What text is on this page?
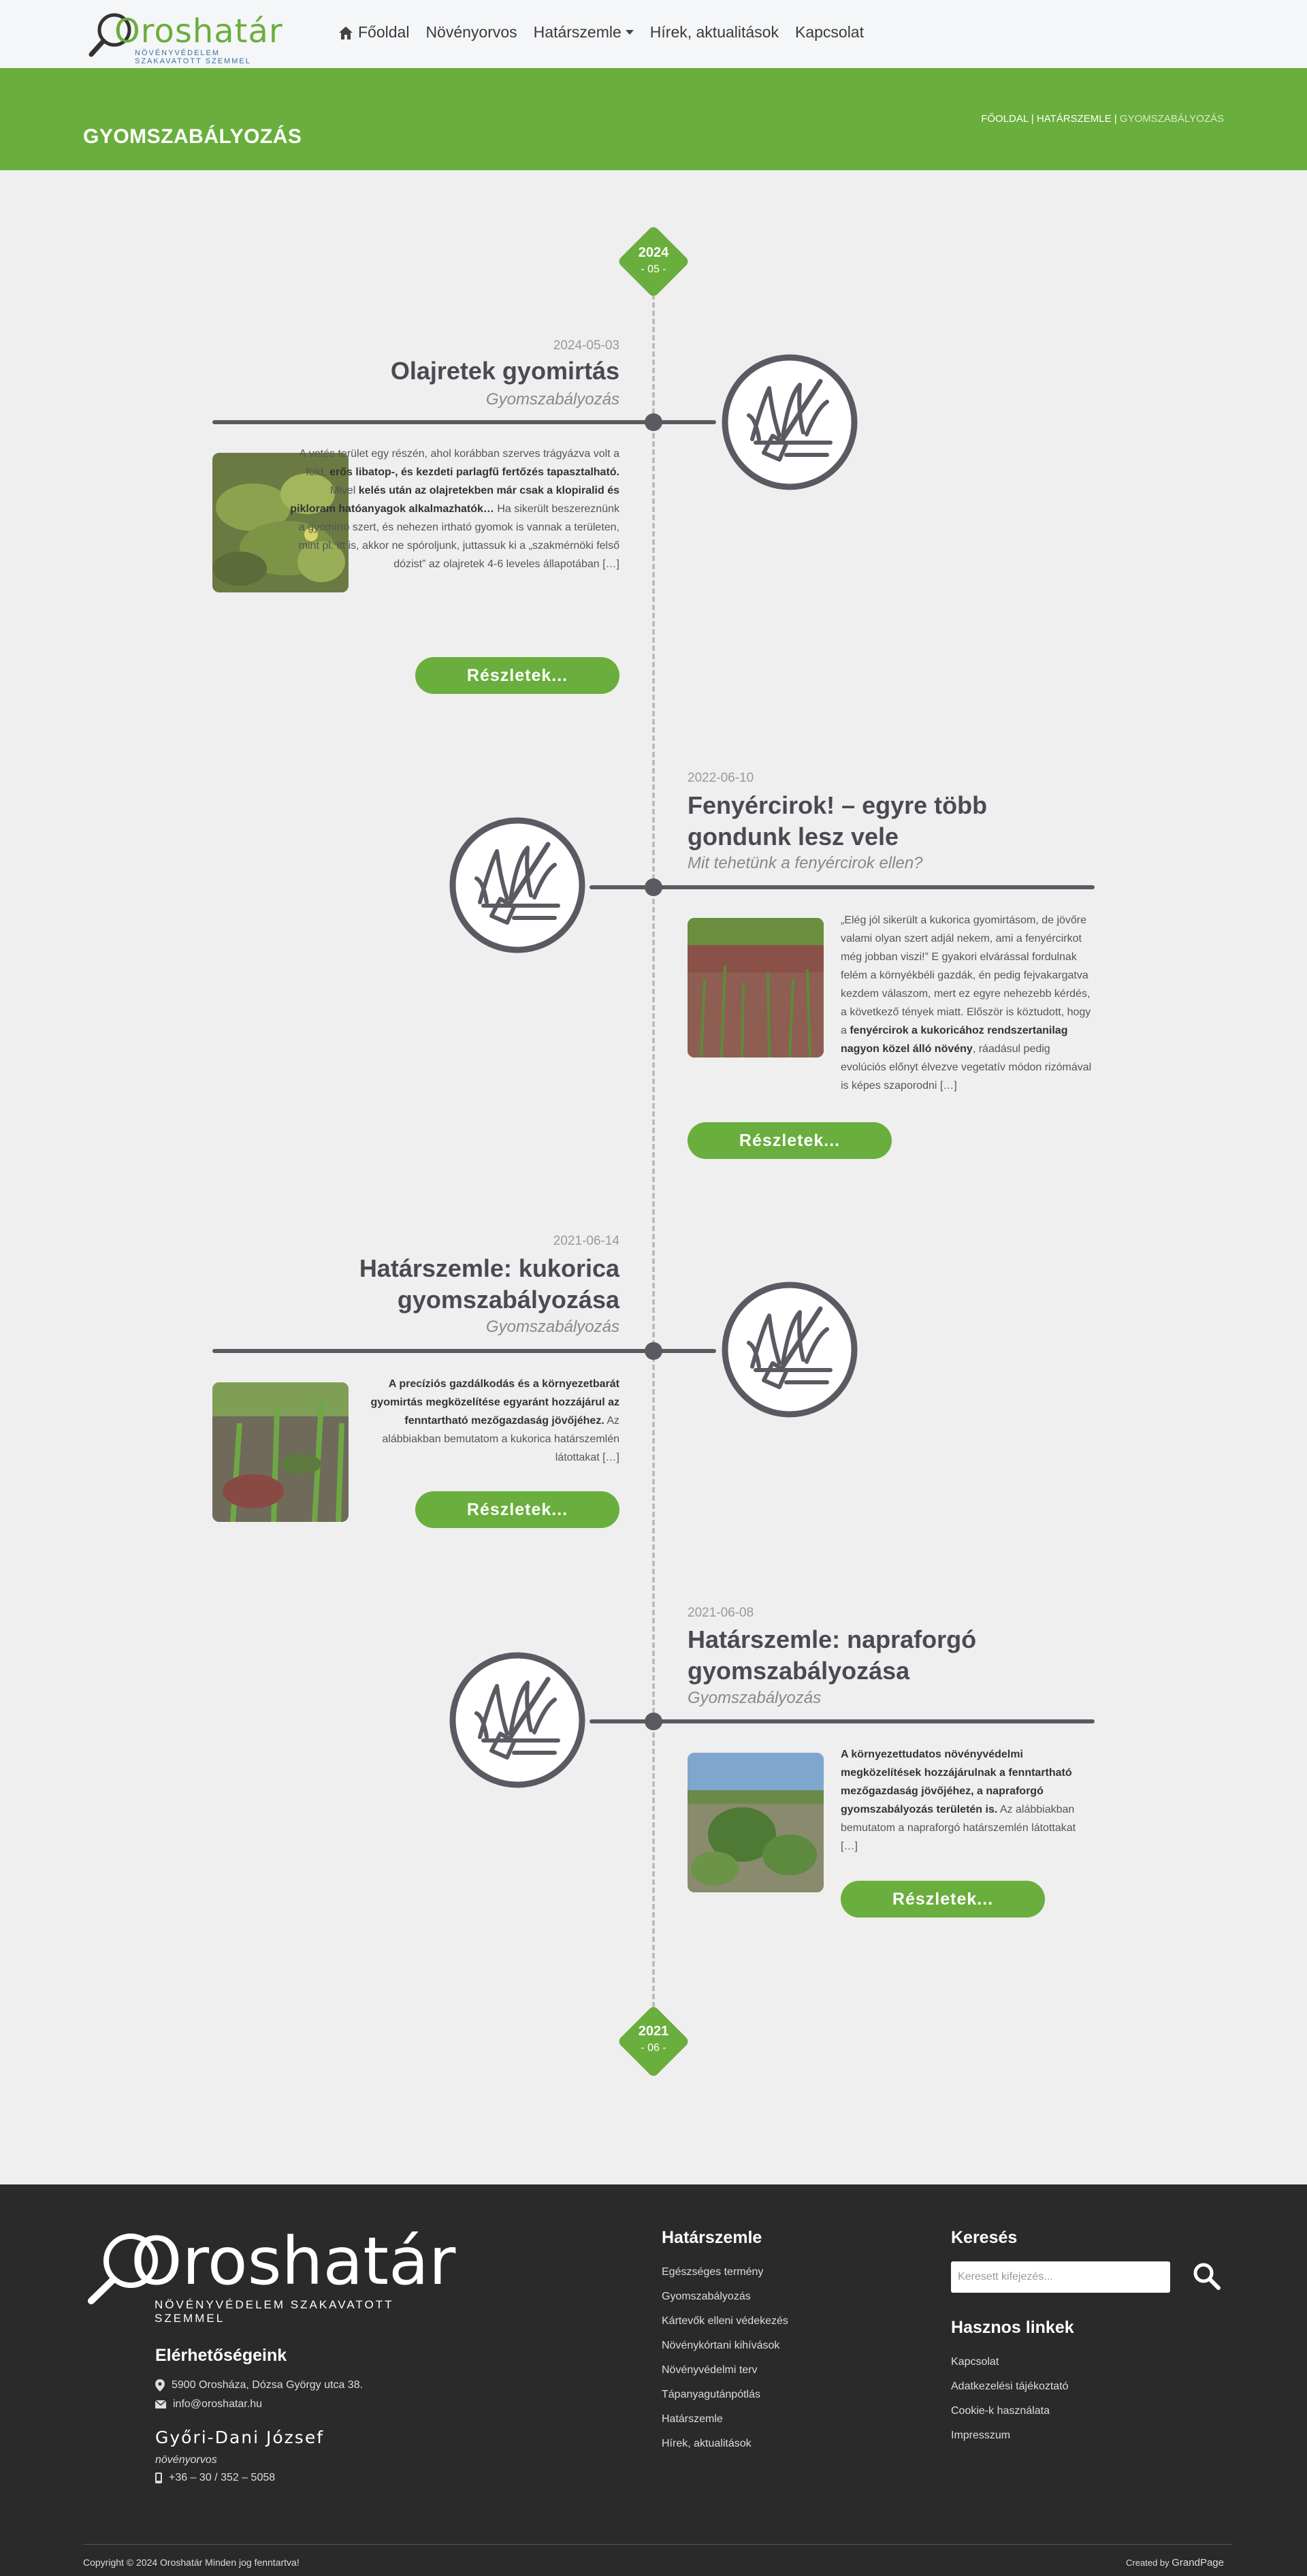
Oroshatár
NÖVÉNYVÉDELEM SZAKAVATOTT SZEMMEL
Főoldal Növényorvos Határszemle Hírek, aktualitások Kapcsolat
GYOMSZABÁLYOZÁS
FŐOLDAL | HATÁRSZEMLE | GYOMSZABÁLYOZÁS
2024
- 05 -
2024-05-03
Olajretek gyomirtás
Gyomszabályozás
A vetés terület egy részén, ahol korábban szerves trágyázva volt a föld, erős libatop-, és kezdeti parlagfű fertőzés tapasztalható. Mivel kelés után az olajretekben már csak a klopiralid és pikloram hatóanyagok alkalmazhatók… Ha sikerült beszereznünk a gyomirtó szert, és nehezen irtható gyomok is vannak a területen, mint pl. itt is, akkor ne spóroljunk, juttassuk ki a „szakmérnöki felső dózist” az olajretek 4-6 leveles állapotában […]
Részletek...
2022-06-10
Fenyércirok! – egyre több gondunk lesz vele
Mit tehetünk a fenyércirok ellen?
„Elég jól sikerült a kukorica gyomirtásom, de jövőre valami olyan szert adjál nekem, ami a fenyércirkot még jobban viszi!” E gyakori elvárással fordulnak felém a környékbéli gazdák, én pedig fejvakargatva kezdem válaszom, mert ez egyre nehezebb kérdés, a következő tények miatt. Először is köztudott, hogy a fenyércirok a kukoricához rendszertanilag nagyon közel álló növény, ráadásul pedig evolúciós előnyt élvezve vegetatív módon rizómával is képes szaporodni […]
Részletek...
2021-06-14
Határszemle: kukorica gyomszabályozása
Gyomszabályozás
A precíziós gazdálkodás és a környezetbarát gyomirtás megközelítése egyaránt hozzájárul az fenntartható mezőgazdaság jövőjéhez. Az alábbiakban bemutatom a kukorica határszemlén látottakat […]
Részletek...
2021-06-08
Határszemle: napraforgó gyomszabályozása
Gyomszabályozás
A környezettudatos növényvédelmi megközelítések hozzájárulnak a fenntartható mezőgazdaság jövőjéhez, a napraforgó gyomszabályozás területén is. Az alábbiakban bemutatom a napraforgó határszemlén látottakat […]
Részletek...
2021
- 06 -
Oroshatár
NÖVÉNYVÉDELEM SZAKAVATOTT SZEMMEL
Elérhetőségeink
5900 Orosháza, Dózsa György utca 38.
info@oroshatar.hu
Győri-Dani József
növényorvos
+36 – 30 / 352 – 5058
Határszemle
Egészséges termény
Gyomszabályozás
Kártevők elleni védekezés
Növénykórtani kihívások
Növényvédelmi terv
Tápanyagutánpótlás
Határszemle
Hírek, aktualitások
Keresés
Keresett kifejezés...
Hasznos linkek
Kapcsolat
Adatkezelési tájékoztató
Cookie-k használata
Impresszum
Copyright © 2024 Oroshatár Minden jog fenntartva!	Created by GrandPage
